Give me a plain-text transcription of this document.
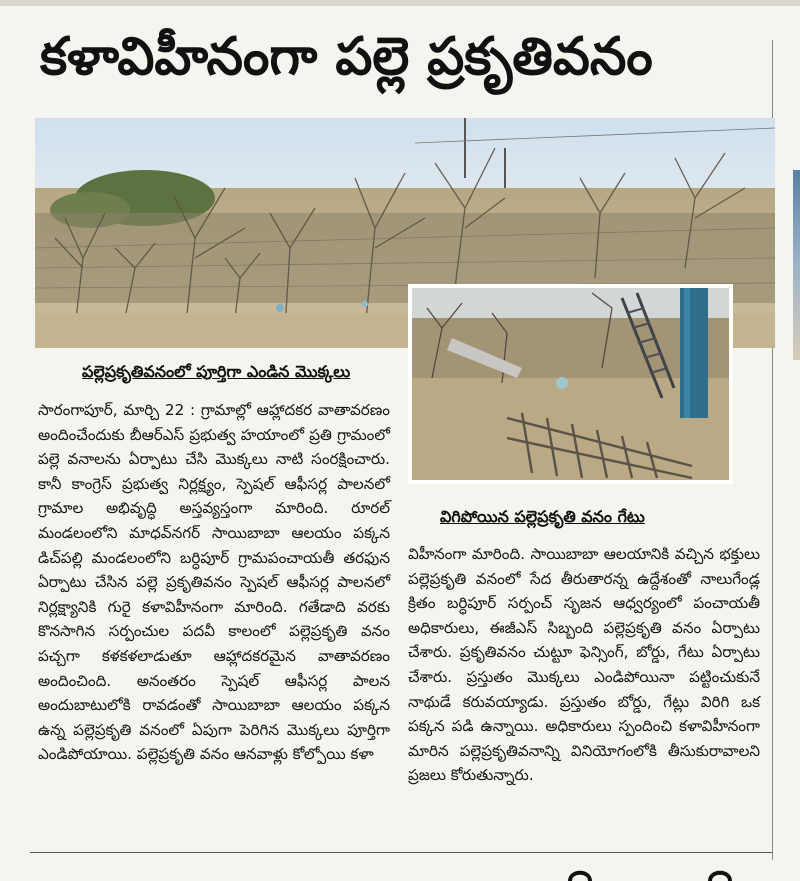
కళావిహీనంగా పల్లె ప్రకృతివనం
పల్లెప్రకృతివనంలో పూర్తిగా ఎండిన మొక్కలు
విగిపోయిన పల్లెప్రకృతి వనం గేటు
సారంగాపూర్, మార్చి 22 : గ్రామాల్లో ఆహ్లాదకర వాతావరణం అందించేందుకు బీఆర్ఎస్ ప్రభుత్వ హయాంలో ప్రతి గ్రామంలో పల్లె వనాలను ఏర్పాటు చేసి మొక్కలు నాటి సంరక్షించారు. కానీ కాంగ్రెస్ ప్రభుత్వ నిర్లక్ష్యం, స్పెషల్ ఆఫీసర్ల పాలనలో గ్రామాల అభివృద్ధి అస్తవ్యస్తంగా మారింది. రూరల్ మండలంలోని మాధవ్‌నగర్ సాయిబాబా ఆలయం పక్కన డిచ్‌పల్లి మండలంలోని బర్ధిపూర్ గ్రామపంచాయతీ తరఫున ఏర్పాటు చేసిన పల్లె ప్రకృతివనం స్పెషల్ ఆఫీసర్ల పాలనలో నిర్లక్ష్యానికి గురై కళావిహీనంగా మారింది. గతేడాది వరకు కొనసాగిన సర్పంచుల పదవీ కాలంలో పల్లెప్రకృతి వనం పచ్చగా కళకళలాడుతూ ఆహ్లాదకరమైన వాతావరణం అందించింది. అనంతరం స్పెషల్ ఆఫీసర్ల పాలన అందుబాటులోకి రావడంతో సాయిబాబా ఆలయం పక్కన ఉన్న పల్లెప్రకృతి వనంలో ఏపుగా పెరిగిన మొక్కలు పూర్తిగా ఎండిపోయాయి. పల్లెప్రకృతి వనం ఆనవాళ్లు కోల్పోయి కళా
విహీనంగా మారింది. సాయిబాబా ఆలయానికి వచ్చిన భక్తులు పల్లెప్రకృతి వనంలో సేద తీరుతారన్న ఉద్దేశంతో నాలుగేండ్ల క్రితం బర్ధిపూర్ సర్పంచ్ సృజన ఆధ్వర్యంలో పంచాయతీ అధికారులు, ఈజీఎస్ సిబ్బంది పల్లెప్రకృతి వనం ఏర్పాటు చేశారు. ప్రకృతివనం చుట్టూ ఫెన్సింగ్, బోర్డు, గేటు ఏర్పాటు చేశారు. ప్రస్తుతం మొక్కలు ఎండిపోయినా పట్టించుకునే నాథుడే కరువయ్యాడు. ప్రస్తుతం బోర్డు, గేట్లు విరిగి ఒక పక్కన పడి ఉన్నాయి. అధికారులు స్పందించి కళావిహీనంగా మారిన పల్లెప్రకృతివనాన్ని వినియోగంలోకి తీసుకురావాలని ప్రజలు కోరుతున్నారు.
